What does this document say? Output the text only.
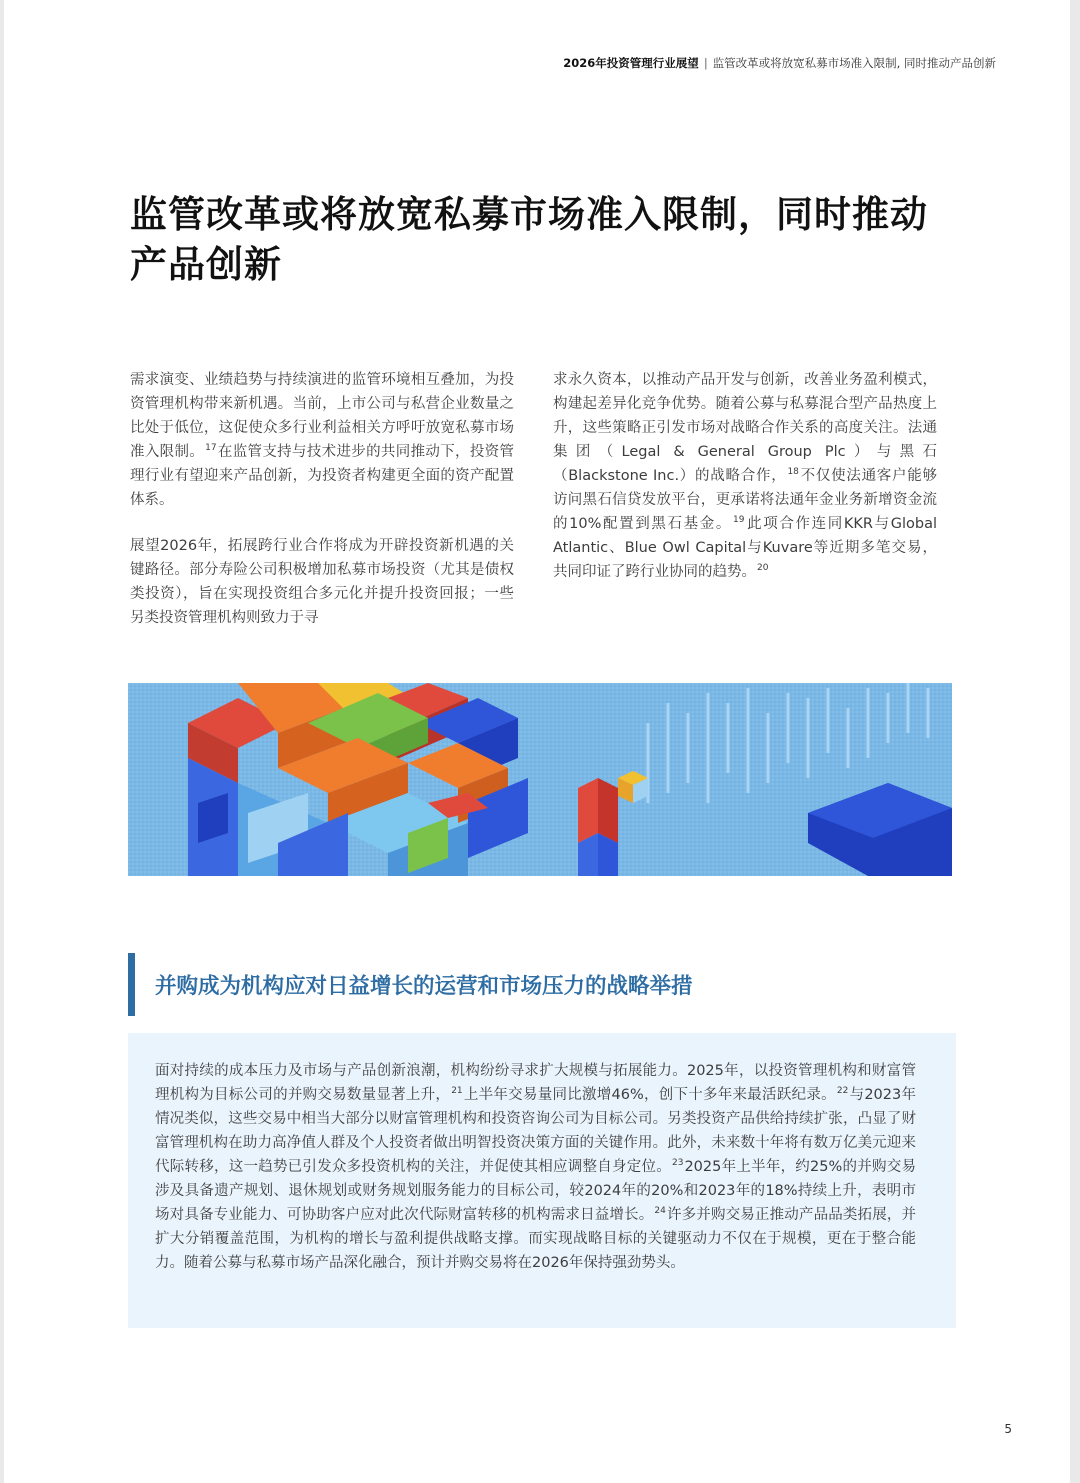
2026年投资管理行业展望 | 监管改革或将放宽私募市场准入限制, 同时推动产品创新
监管改革或将放宽私募市场准入限制，同时推动产品创新

需求演变、业绩趋势与持续演进的监管环境相互叠加，为投资管理机构带来新机遇。当前，上市公司与私营企业数量之比处于低位，这促使众多行业利益相关方呼吁放宽私募市场准入限制。$^{17}$在监管支持与技术进步的共同推动下，投资管理行业有望迎来产品创新，为投资者构建更全面的资产配置体系。

展望2026年，拓展跨行业合作将成为开辟投资新机遇的关键路径。部分寿险公司积极增加私募市场投资（尤其是债权类投资），旨在实现投资组合多元化并提升投资回报；一些另类投资管理机构则致力于寻

求永久资本，以推动产品开发与创新，改善业务盈利模式，构建起差异化竞争优势。随着公募与私募混合型产品热度上升，这些策略正引发市场对战略合作关系的高度关注。法通集团（Legal & General Group Plc）与黑石（Blackstone Inc.）的战略合作，$^{18}$不仅使法通客户能够访问黑石信贷发放平台，更承诺将法通年金业务新增资金流的10%配置到黑石基金。$^{19}$此项合作连同KKR与Global Atlantic、Blue Owl Capital与Kuvare等近期多笔交易，共同印证了跨行业协同的趋势。$^{20}$

并购成为机构应对日益增长的运营和市场压力的战略举措

面对持续的成本压力及市场与产品创新浪潮，机构纷纷寻求扩大规模与拓展能力。2025年，以投资管理机构和财富管理机构为目标公司的并购交易数量显著上升，$^{21}$上半年交易量同比激增46%，创下十多年来最活跃纪录。$^{22}$与2023年情况类似，这些交易中相当大部分以财富管理机构和投资咨询公司为目标公司。另类投资产品供给持续扩张，凸显了财富管理机构在助力高净值人群及个人投资者做出明智投资决策方面的关键作用。此外，未来数十年将有数万亿美元迎来代际转移，这一趋势已引发众多投资机构的关注，并促使其相应调整自身定位。$^{23}$2025年上半年，约25%的并购交易涉及具备遗产规划、退休规划或财务规划服务能力的目标公司，较2024年的20%和2023年的18%持续上升，表明市场对具备专业能力、可协助客户应对此次代际财富转移的机构需求日益增长。$^{24}$许多并购交易正推动产品品类拓展，并扩大分销覆盖范围，为机构的增长与盈利提供战略支撑。而实现战略目标的关键驱动力不仅在于规模，更在于整合能力。随着公募与私募市场产品深化融合，预计并购交易将在2026年保持强劲势头。

5
